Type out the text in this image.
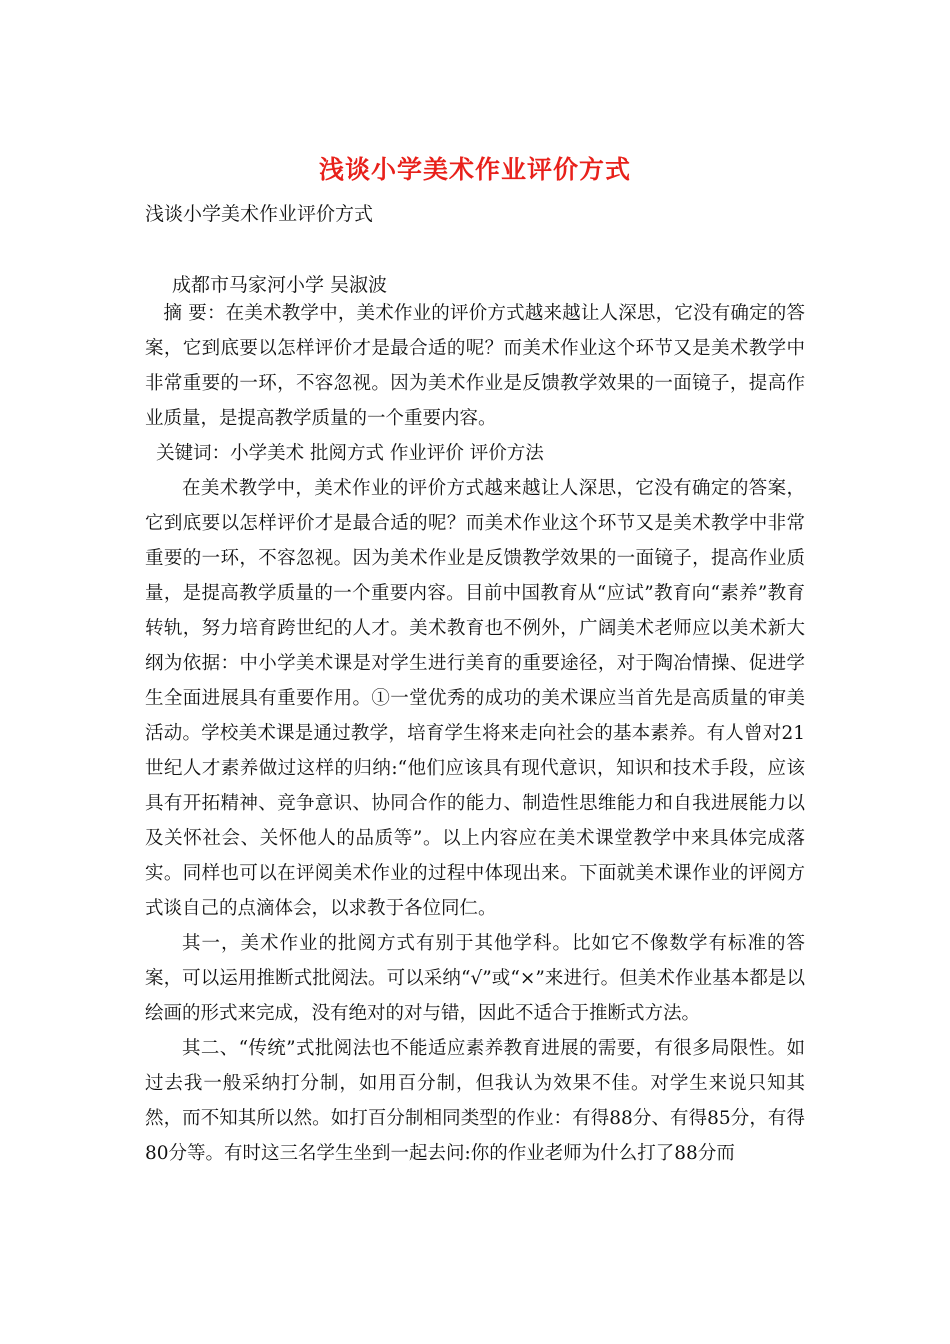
浅谈小学美术作业评价方式
浅谈小学美术作业评价方式
成都市马家河小学 吴淑波

摘 要：在美术教学中，美术作业的评价方式越来越让人深思，它没有确定的答案，它到底要以怎样评价才是最合适的呢？而美术作业这个环节又是美术教学中非常重要的一环，不容忽视。因为美术作业是反馈教学效果的一面镜子，提高作业质量，是提高教学质量的一个重要内容。

关键词：小学美术 批阅方式 作业评价 评价方法

在美术教学中，美术作业的评价方式越来越让人深思，它没有确定的答案，它到底要以怎样评价才是最合适的呢？而美术作业这个环节又是美术教学中非常重要的一环，不容忽视。因为美术作业是反馈教学效果的一面镜子，提高作业质量，是提高教学质量的一个重要内容。目前中国教育从“应试”教育向“素养”教育转轨，努力培育跨世纪的人才。美术教育也不例外，广阔美术老师应以美术新大纲为依据：中小学美术课是对学生进行美育的重要途径，对于陶冶情操、促进学生全面进展具有重要作用。①一堂优秀的成功的美术课应当首先是高质量的审美活动。学校美术课是通过教学，培育学生将来走向社会的基本素养。有人曾对21世纪人才素养做过这样的归纳:“他们应该具有现代意识，知识和技术手段，应该具有开拓精神、竞争意识、协同合作的能力、制造性思维能力和自我进展能力以及关怀社会、关怀他人的品质等”。以上内容应在美术课堂教学中来具体完成落实。同样也可以在评阅美术作业的过程中体现出来。下面就美术课作业的评阅方式谈自己的点滴体会，以求教于各位同仁。

其一，美术作业的批阅方式有别于其他学科。比如它不像数学有标准的答案，可以运用推断式批阅法。可以采纳“√”或“×”来进行。但美术作业基本都是以绘画的形式来完成，没有绝对的对与错，因此不适合于推断式方法。

其二、“传统”式批阅法也不能适应素养教育进展的需要，有很多局限性。如过去我一般采纳打分制，如用百分制，但我认为效果不佳。对学生来说只知其然，而不知其所以然。如打百分制相同类型的作业：有得88分、有得85分，有得80分等。有时这三名学生坐到一起去问:你的作业老师为什么打了88分而
